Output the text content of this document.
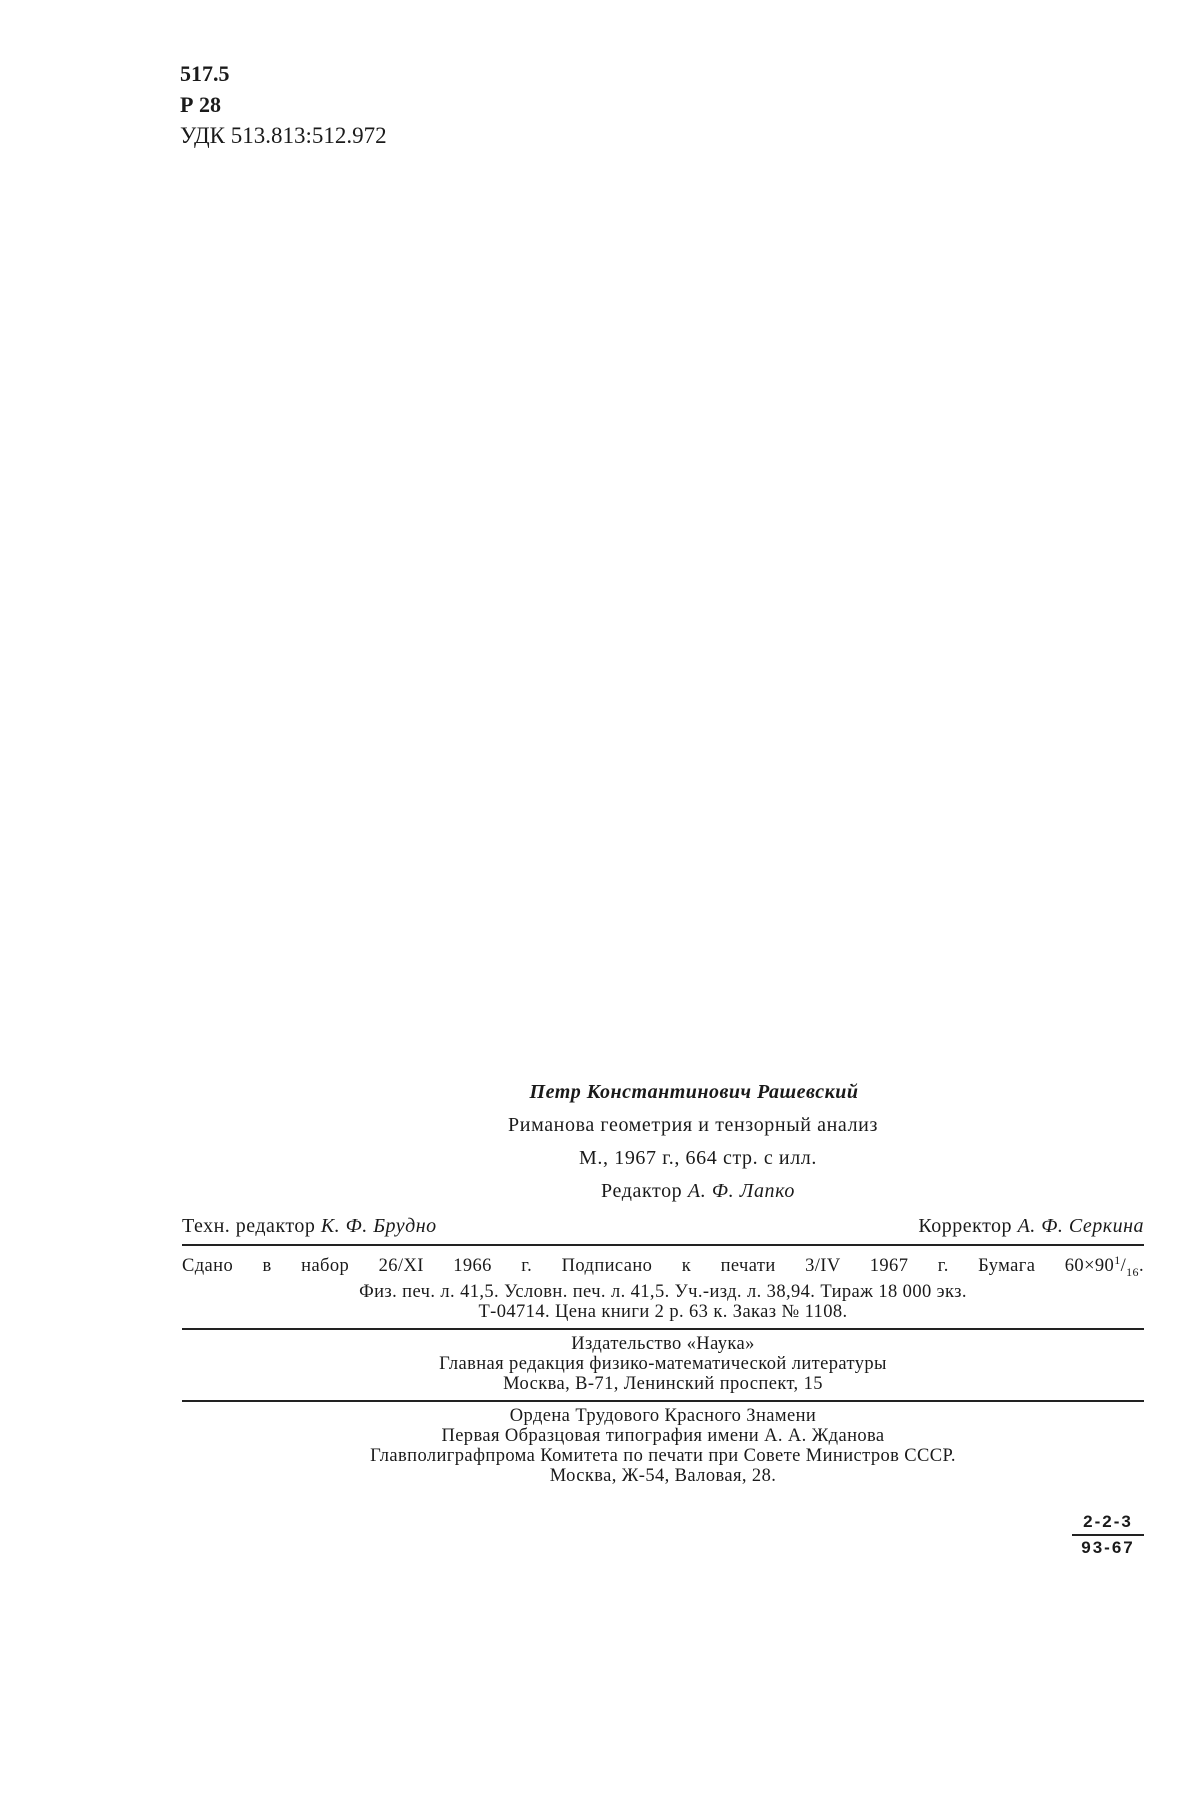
517.5
Р 28
УДК 513.813:512.972
Петр Константинович Рашевский
Риманова геометрия и тензорный анализ
М., 1967 г., 664 стр. с илл.
Редактор А. Ф. Лапко
Техн. редактор К. Ф. Брудно	Корректор А. Ф. Серкина
Сдано в набор 26/XI 1966 г. Подписано к печати 3/IV 1967 г. Бумага $60\times 90^1/_{16}$.
Физ. печ. л. 41,5. Условн. печ. л. 41,5. Уч.-изд. л. 38,94. Тираж 18 000 экз.
Т-04714. Цена книги 2 р. 63 к. Заказ № 1108.
Издательство «Наука»
Главная редакция физико-математической литературы
Москва, В-71, Ленинский проспект, 15
Ордена Трудового Красного Знамени
Первая Образцовая типография имени А. А. Жданова
Главполиграфпрома Комитета по печати при Совете Министров СССР.
Москва, Ж-54, Валовая, 28.
$\frac{2-2-3}{93-67}$
